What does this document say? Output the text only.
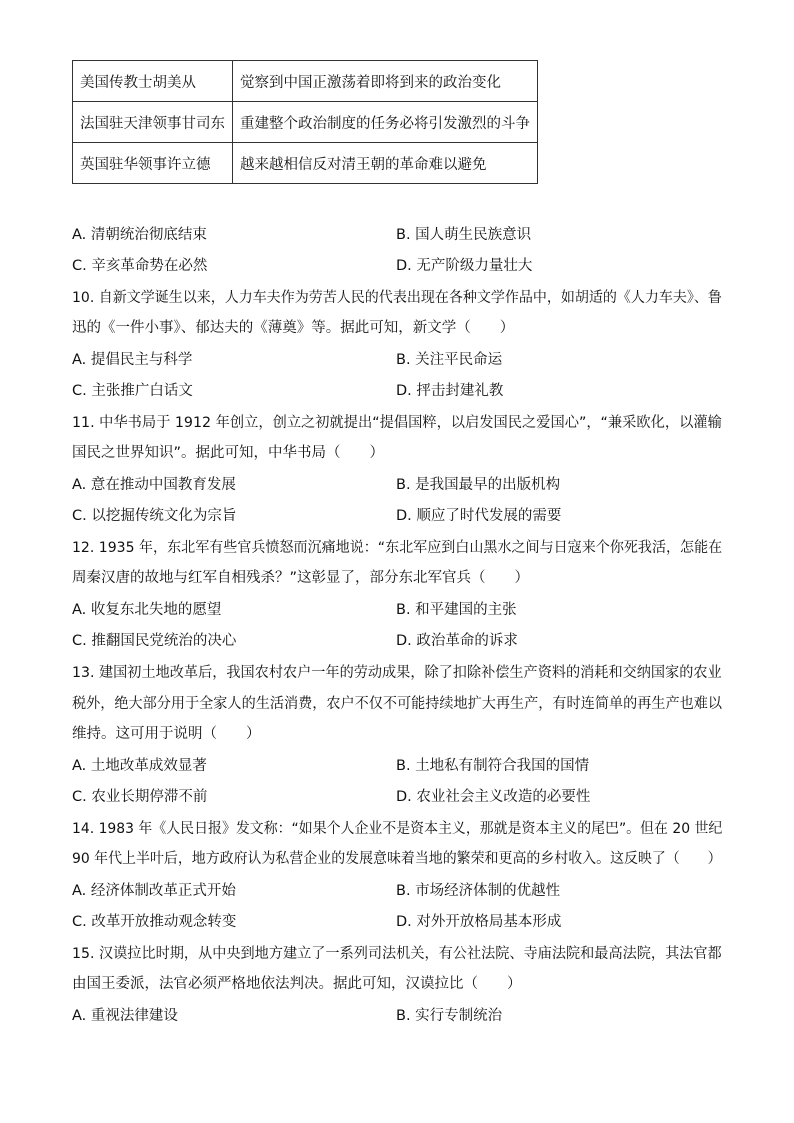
美国传教士胡美从	觉察到中国正激荡着即将到来的政治变化
法国驻天津领事甘司东	重建整个政治制度的任务必将引发激烈的斗争
英国驻华领事许立德	越来越相信反对清王朝的革命难以避免
A. 清朝统治彻底结束	B. 国人萌生民族意识
C. 辛亥革命势在必然	D. 无产阶级力量壮大
10. 自新文学诞生以来，人力车夫作为劳苦人民的代表出现在各种文学作品中，如胡适的《人力车夫》、鲁
迅的《一件小事》、郁达夫的《薄奠》等。据此可知，新文学（　　）
A. 提倡民主与科学	B. 关注平民命运
C. 主张推广白话文	D. 抨击封建礼教
11. 中华书局于 1912 年创立，创立之初就提出“提倡国粹，以启发国民之爱国心”，“兼采欧化，以灌输
国民之世界知识”。据此可知，中华书局（　　）
A. 意在推动中国教育发展	B. 是我国最早的出版机构
C. 以挖掘传统文化为宗旨	D. 顺应了时代发展的需要
12. 1935 年，东北军有些官兵愤怒而沉痛地说：“东北军应到白山黑水之间与日寇来个你死我活，怎能在
周秦汉唐的故地与红军自相残杀？”这彰显了，部分东北军官兵（　　）
A. 收复东北失地的愿望	B. 和平建国的主张
C. 推翻国民党统治的决心	D. 政治革命的诉求
13. 建国初土地改革后，我国农村农户一年的劳动成果，除了扣除补偿生产资料的消耗和交纳国家的农业
税外，绝大部分用于全家人的生活消费，农户不仅不可能持续地扩大再生产，有时连简单的再生产也难以
维持。这可用于说明（　　）
A. 土地改革成效显著	B. 土地私有制符合我国的国情
C. 农业长期停滞不前	D. 农业社会主义改造的必要性
14. 1983 年《人民日报》发文称：“如果个人企业不是资本主义，那就是资本主义的尾巴”。但在 20 世纪
90 年代上半叶后，地方政府认为私营企业的发展意味着当地的繁荣和更高的乡村收入。这反映了（　　）
A. 经济体制改革正式开始	B. 市场经济体制的优越性
C. 改革开放推动观念转变	D. 对外开放格局基本形成
15. 汉谟拉比时期，从中央到地方建立了一系列司法机关，有公社法院、寺庙法院和最高法院，其法官都
由国王委派，法官必须严格地依法判决。据此可知，汉谟拉比（　　）
A. 重视法律建设	B. 实行专制统治
